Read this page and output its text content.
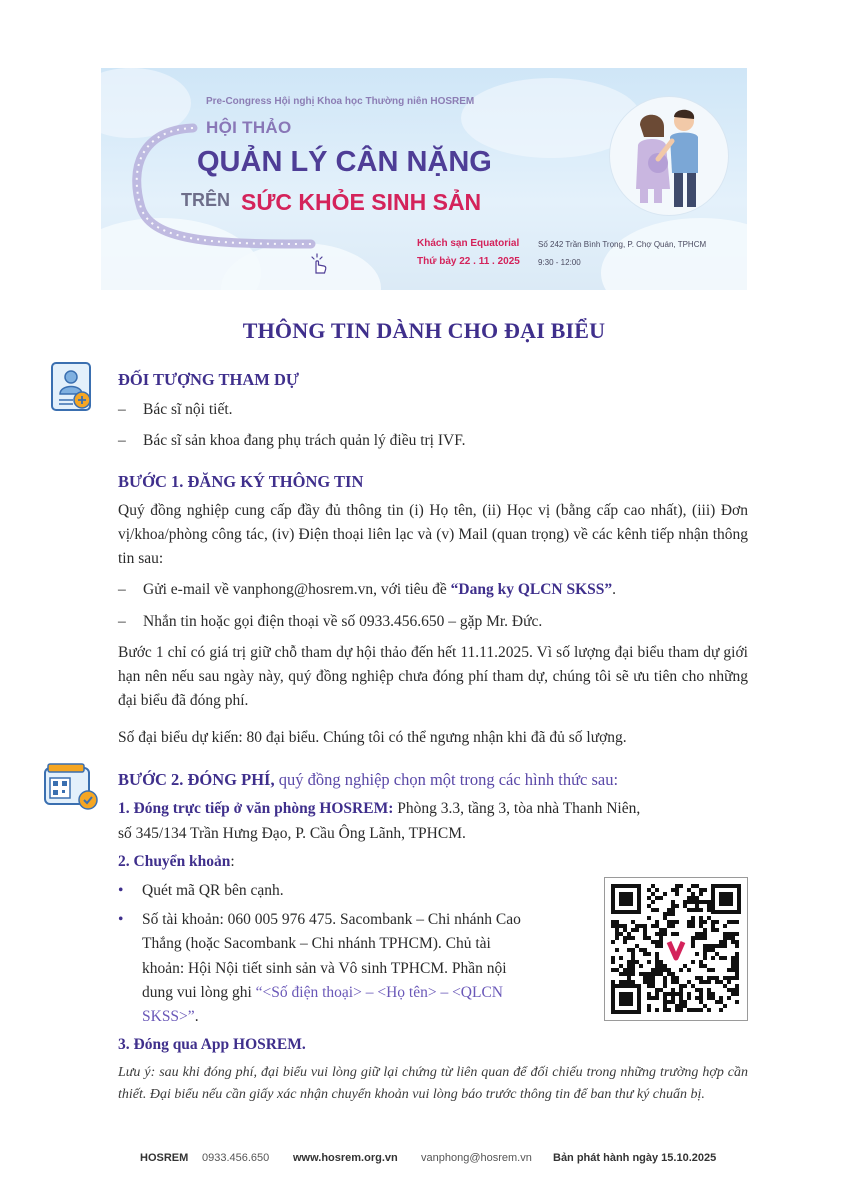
Pre-Congress Hội nghị Khoa học Thường niên HOSREM
HỘI THẢO
QUẢN LÝ CÂN NẶNG
TRÊN SỨC KHỎE SINH SẢN
Khách sạn Equatorial Số 242 Trần Bình Trọng, P. Chợ Quán, TPHCM
Thứ bảy 22 . 11 . 2025 9:30 - 12:00
THÔNG TIN DÀNH CHO ĐẠI BIỂU
ĐỐI TƯỢNG THAM DỰ
– Bác sĩ nội tiết.
– Bác sĩ sản khoa đang phụ trách quản lý điều trị IVF.
BƯỚC 1. ĐĂNG KÝ THÔNG TIN
Quý đồng nghiệp cung cấp đầy đủ thông tin (i) Họ tên, (ii) Học vị (bằng cấp cao nhất), (iii) Đơn vị/khoa/phòng công tác, (iv) Điện thoại liên lạc và (v) Mail (quan trọng) về các kênh tiếp nhận thông tin sau:
– Gửi e-mail về vanphong@hosrem.vn, với tiêu đề “Dang ky QLCN SKSS”.
– Nhắn tin hoặc gọi điện thoại về số 0933.456.650 – gặp Mr. Đức.
Bước 1 chỉ có giá trị giữ chỗ tham dự hội thảo đến hết 11.11.2025. Vì số lượng đại biểu tham dự giới hạn nên nếu sau ngày này, quý đồng nghiệp chưa đóng phí tham dự, chúng tôi sẽ ưu tiên cho những đại biểu đã đóng phí.
Số đại biểu dự kiến: 80 đại biểu. Chúng tôi có thể ngưng nhận khi đã đủ số lượng.
BƯỚC 2. ĐÓNG PHÍ, quý đồng nghiệp chọn một trong các hình thức sau:
1. Đóng trực tiếp ở văn phòng HOSREM: Phòng 3.3, tầng 3, tòa nhà Thanh Niên,
số 345/134 Trần Hưng Đạo, P. Cầu Ông Lãnh, TPHCM.
2. Chuyển khoản:
• Quét mã QR bên cạnh.
• Số tài khoản: 060 005 976 475. Sacombank – Chi nhánh Cao
Thắng (hoặc Sacombank – Chi nhánh TPHCM). Chủ tài
khoản: Hội Nội tiết sinh sản và Vô sinh TPHCM. Phần nội
dung vui lòng ghi “<Số điện thoại> – <Họ tên> – <QLCN
SKSS>”.
3. Đóng qua App HOSREM.
Lưu ý: sau khi đóng phí, đại biểu vui lòng giữ lại chứng từ liên quan để đối chiếu trong những trường hợp cần thiết. Đại biểu nếu cần giấy xác nhận chuyển khoản vui lòng báo trước thông tin để ban thư ký chuẩn bị.
HOSREM 0933.456.650 www.hosrem.org.vn vanphong@hosrem.vn Bản phát hành ngày 15.10.2025
